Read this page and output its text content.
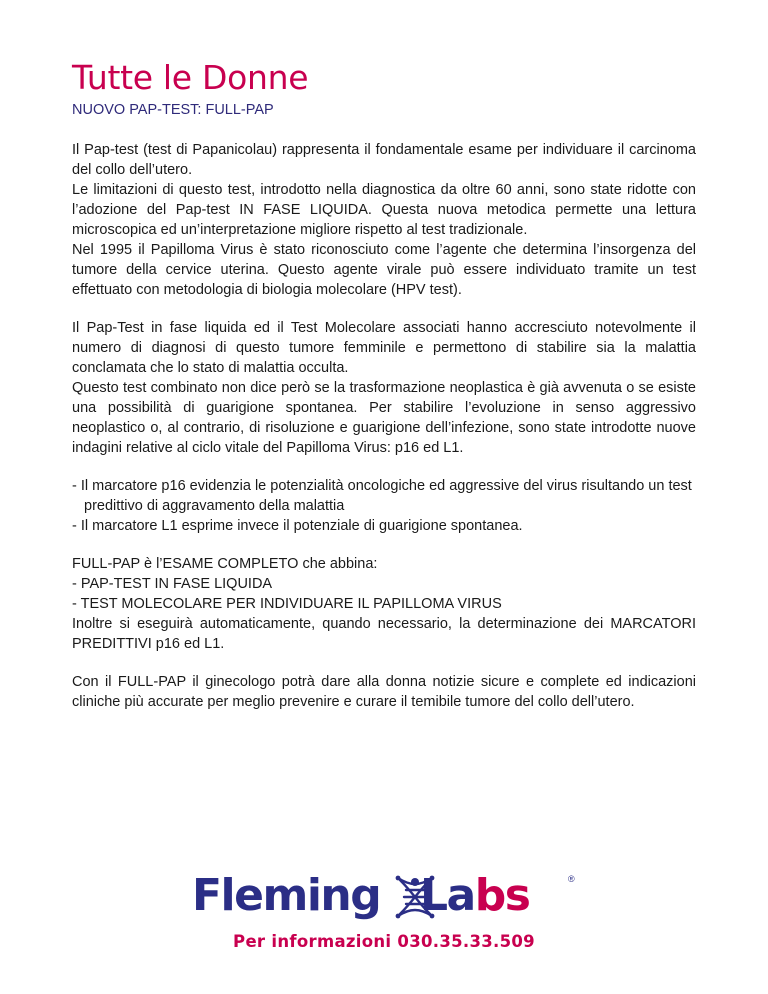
Tutte le Donne
NUOVO PAP-TEST: FULL-PAP

Il Pap-test (test di Papanicolau) rappresenta il fondamentale esame per individuare il carcinoma del collo dell’utero.
Le limitazioni di questo test, introdotto nella diagnostica da oltre 60 anni, sono state ridotte con l’adozione del Pap-test IN FASE LIQUIDA. Questa nuova metodica permette una lettura microscopica ed un’interpretazione migliore rispetto al test tradizionale.
Nel 1995 il Papilloma Virus è stato riconosciuto come l’agente che determina l’insorgenza del tumore della cervice uterina. Questo agente virale può essere individuato tramite un test effettuato con metodologia di biologia molecolare (HPV test).

Il Pap-Test in fase liquida ed il Test Molecolare associati hanno accresciuto notevolmente il numero di diagnosi di questo tumore femminile e permettono di stabilire sia la malattia conclamata che lo stato di malattia occulta.
Questo test combinato non dice però se la trasformazione neoplastica è già avvenuta o se esiste una possibilità di guarigione spontanea. Per stabilire l’evoluzione in senso aggressivo neoplastico o, al contrario, di risoluzione e guarigione dell’infezione, sono state introdotte nuove indagini relative al ciclo vitale del Papilloma Virus: p16 ed L1.

- Il marcatore p16 evidenzia le potenzialità oncologiche ed aggressive del virus risultando un test predittivo di aggravamento della malattia
- Il marcatore L1 esprime invece il potenziale di guarigione spontanea.

FULL-PAP è l’ESAME COMPLETO che abbina:
- PAP-TEST IN FASE LIQUIDA
- TEST MOLECOLARE PER INDIVIDUARE IL PAPILLOMA VIRUS
Inoltre si eseguirà automaticamente, quando necessario, la determinazione dei MARCATORI PREDITTIVI p16 ed L1.

Con il FULL-PAP il ginecologo potrà dare alla donna notizie sicure e complete ed indicazioni cliniche più accurate per meglio prevenire e curare il temibile tumore del collo dell’utero.

Fleming Labs	®
Per informazioni 030.35.33.509
